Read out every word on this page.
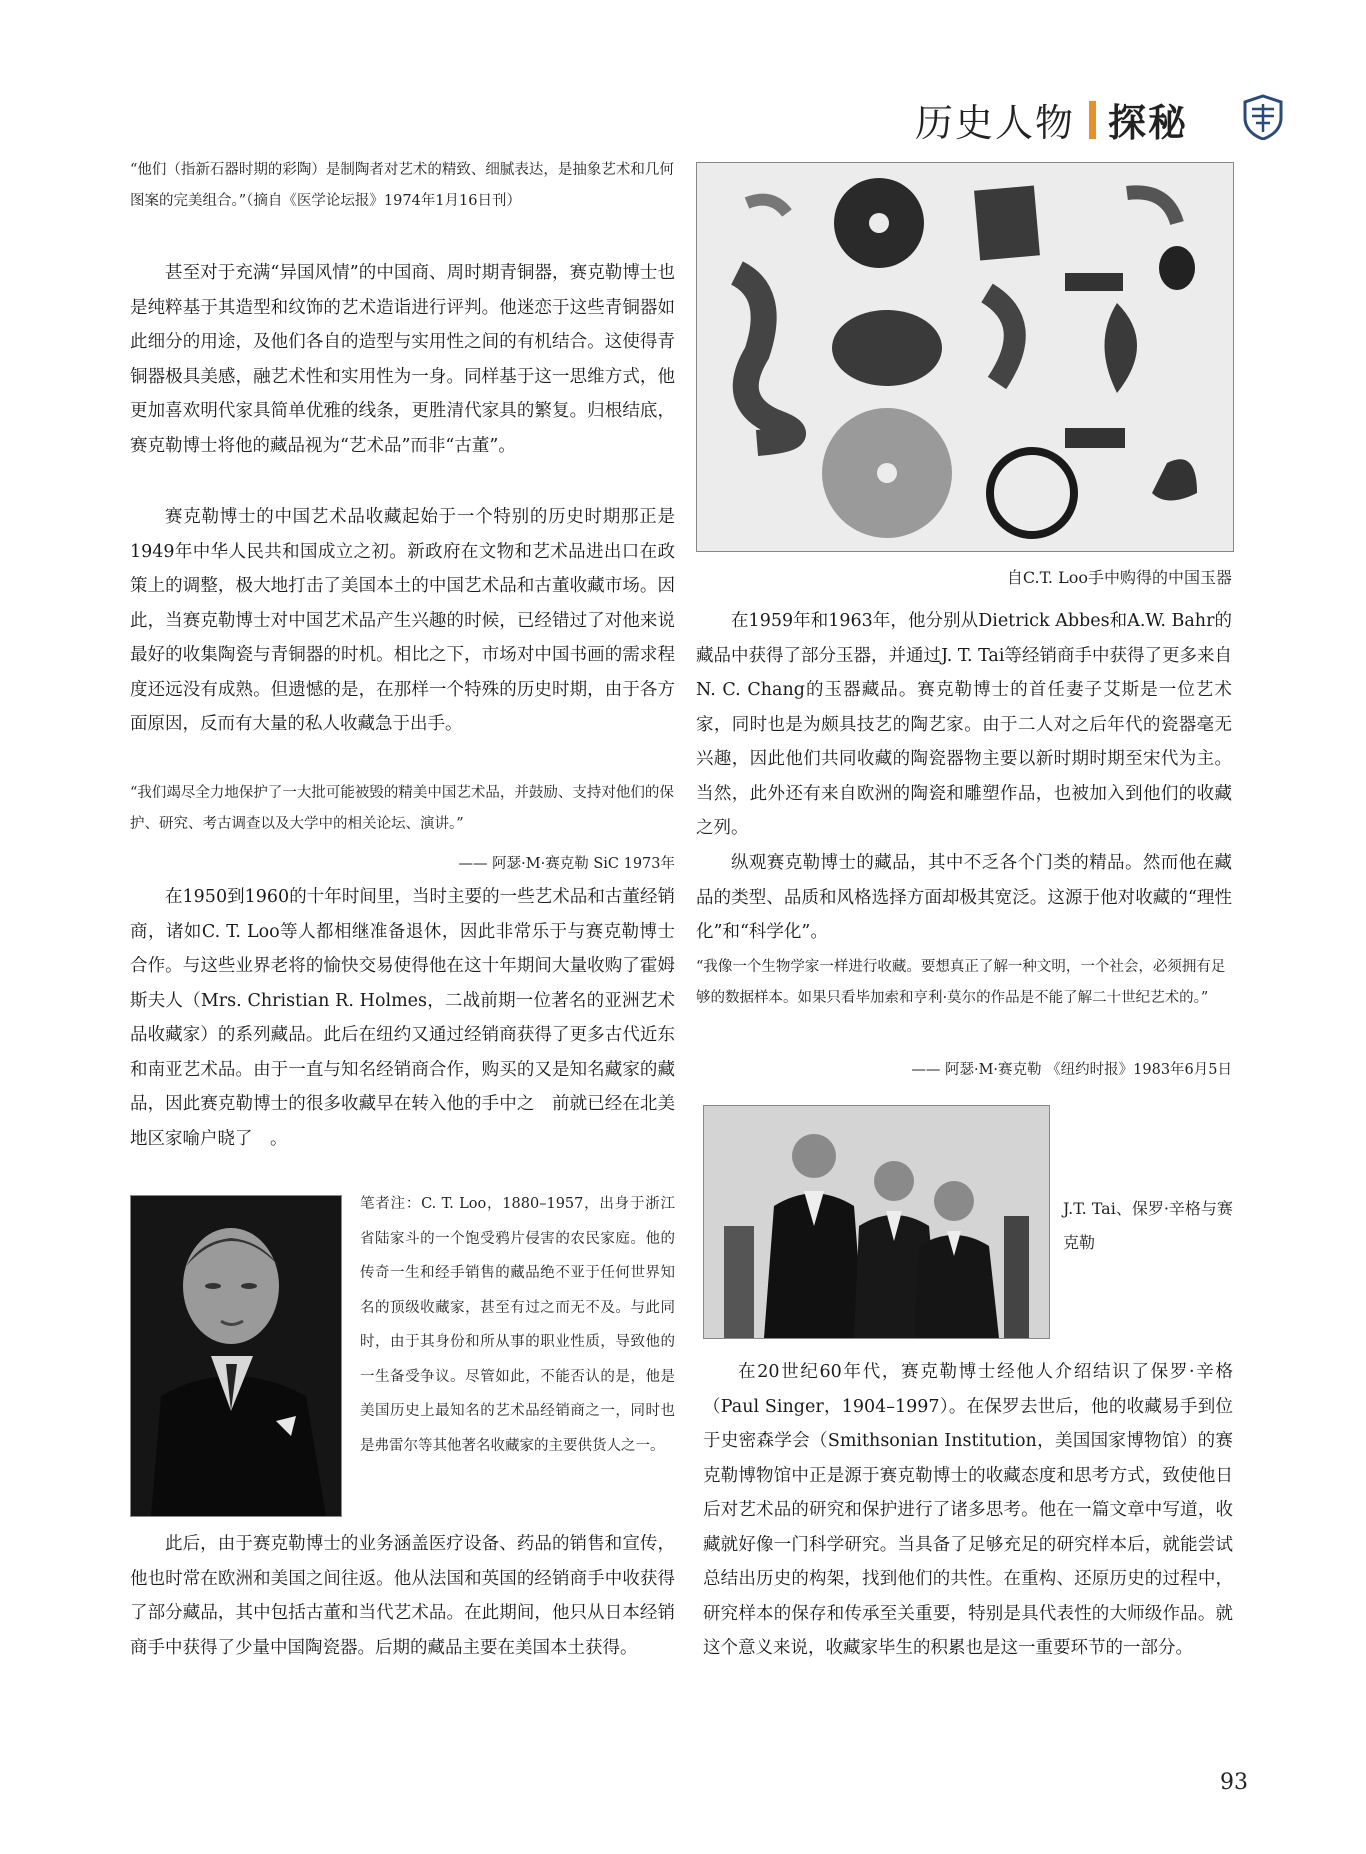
历史人物 探秘
“他们（指新石器时期的彩陶）是制陶者对艺术的精致、细腻表达，是抽象艺术和几何图案的完美组合。”（摘自《医学论坛报》1974年1月16日刊）

甚至对于充满“异国风情”的中国商、周时期青铜器，赛克勒博士也是纯粹基于其造型和纹饰的艺术造诣进行评判。他迷恋于这些青铜器如此细分的用途，及他们各自的造型与实用性之间的有机结合。这使得青铜器极具美感，融艺术性和实用性为一身。同样基于这一思维方式，他更加喜欢明代家具简单优雅的线条，更胜清代家具的繁复。归根结底，赛克勒博士将他的藏品视为“艺术品”而非“古董”。

赛克勒博士的中国艺术品收藏起始于一个特别的历史时期那正是1949年中华人民共和国成立之初。新政府在文物和艺术品进出口在政策上的调整，极大地打击了美国本土的中国艺术品和古董收藏市场。因此，当赛克勒博士对中国艺术品产生兴趣的时候，已经错过了对他来说最好的收集陶瓷与青铜器的时机。相比之下，市场对中国书画的需求程度还远没有成熟。但遗憾的是，在那样一个特殊的历史时期，由于各方面原因，反而有大量的私人收藏急于出手。

“我们竭尽全力地保护了一大批可能被毁的精美中国艺术品，并鼓励、支持对他们的保护、研究、考古调查以及大学中的相关论坛、演讲。”
—— 阿瑟·M·赛克勒 SiC 1973年

在1950到1960的十年时间里，当时主要的一些艺术品和古董经销商，诸如C. T. Loo等人都相继准备退休，因此非常乐于与赛克勒博士合作。与这些业界老将的愉快交易使得他在这十年期间大量收购了霍姆斯夫人（Mrs. Christian R. Holmes，二战前期一位著名的亚洲艺术品收藏家）的系列藏品。此后在纽约又通过经销商获得了更多古代近东和南亚艺术品。由于一直与知名经销商合作，购买的又是知名藏家的藏品，因此赛克勒博士的很多收藏早在转入他的手中之　前就已经在北美地区家喻户晓了　。

笔者注：C. T. Loo，1880–1957，出身于浙江省陆家斗的一个饱受鸦片侵害的农民家庭。他的传奇一生和经手销售的藏品绝不亚于任何世界知名的顶级收藏家，甚至有过之而无不及。与此同时，由于其身份和所从事的职业性质，导致他的一生备受争议。尽管如此，不能否认的是，他是美国历史上最知名的艺术品经销商之一，同时也是弗雷尔等其他著名收藏家的主要供货人之一。

此后，由于赛克勒博士的业务涵盖医疗设备、药品的销售和宣传，他也时常在欧洲和美国之间往返。他从法国和英国的经销商手中收获得了部分藏品，其中包括古董和当代艺术品。在此期间，他只从日本经销商手中获得了少量中国陶瓷器。后期的藏品主要在美国本土获得。

自C.T. Loo手中购得的中国玉器

在1959年和1963年，他分别从Dietrick Abbes和A.W. Bahr的藏品中获得了部分玉器，并通过J. T. Tai等经销商手中获得了更多来自N. C. Chang的玉器藏品。赛克勒博士的首任妻子艾斯是一位艺术家，同时也是为颇具技艺的陶艺家。由于二人对之后年代的瓷器毫无兴趣，因此他们共同收藏的陶瓷器物主要以新时期时期至宋代为主。当然，此外还有来自欧洲的陶瓷和雕塑作品，也被加入到他们的收藏之列。

纵观赛克勒博士的藏品，其中不乏各个门类的精品。然而他在藏品的类型、品质和风格选择方面却极其宽泛。这源于他对收藏的“理性化”和“科学化”。

“我像一个生物学家一样进行收藏。要想真正了解一种文明，一个社会，必须拥有足够的数据样本。如果只看毕加索和亨利·莫尔的作品是不能了解二十世纪艺术的。”
—— 阿瑟·M·赛克勒 《纽约时报》1983年6月5日
J.T. Tai、保罗·辛格与赛克勒

在20世纪60年代，赛克勒博士经他人介绍结识了保罗·辛格（Paul Singer，1904–1997）。在保罗去世后，他的收藏易手到位于史密森学会（Smithsonian Institution，美国国家博物馆）的赛克勒博物馆中正是源于赛克勒博士的收藏态度和思考方式，致使他日后对艺术品的研究和保护进行了诸多思考。他在一篇文章中写道，收藏就好像一门科学研究。当具备了足够充足的研究样本后，就能尝试总结出历史的构架，找到他们的共性。在重构、还原历史的过程中，研究样本的保存和传承至关重要，特别是具代表性的大师级作品。就这个意义来说，收藏家毕生的积累也是这一重要环节的一部分。

93
